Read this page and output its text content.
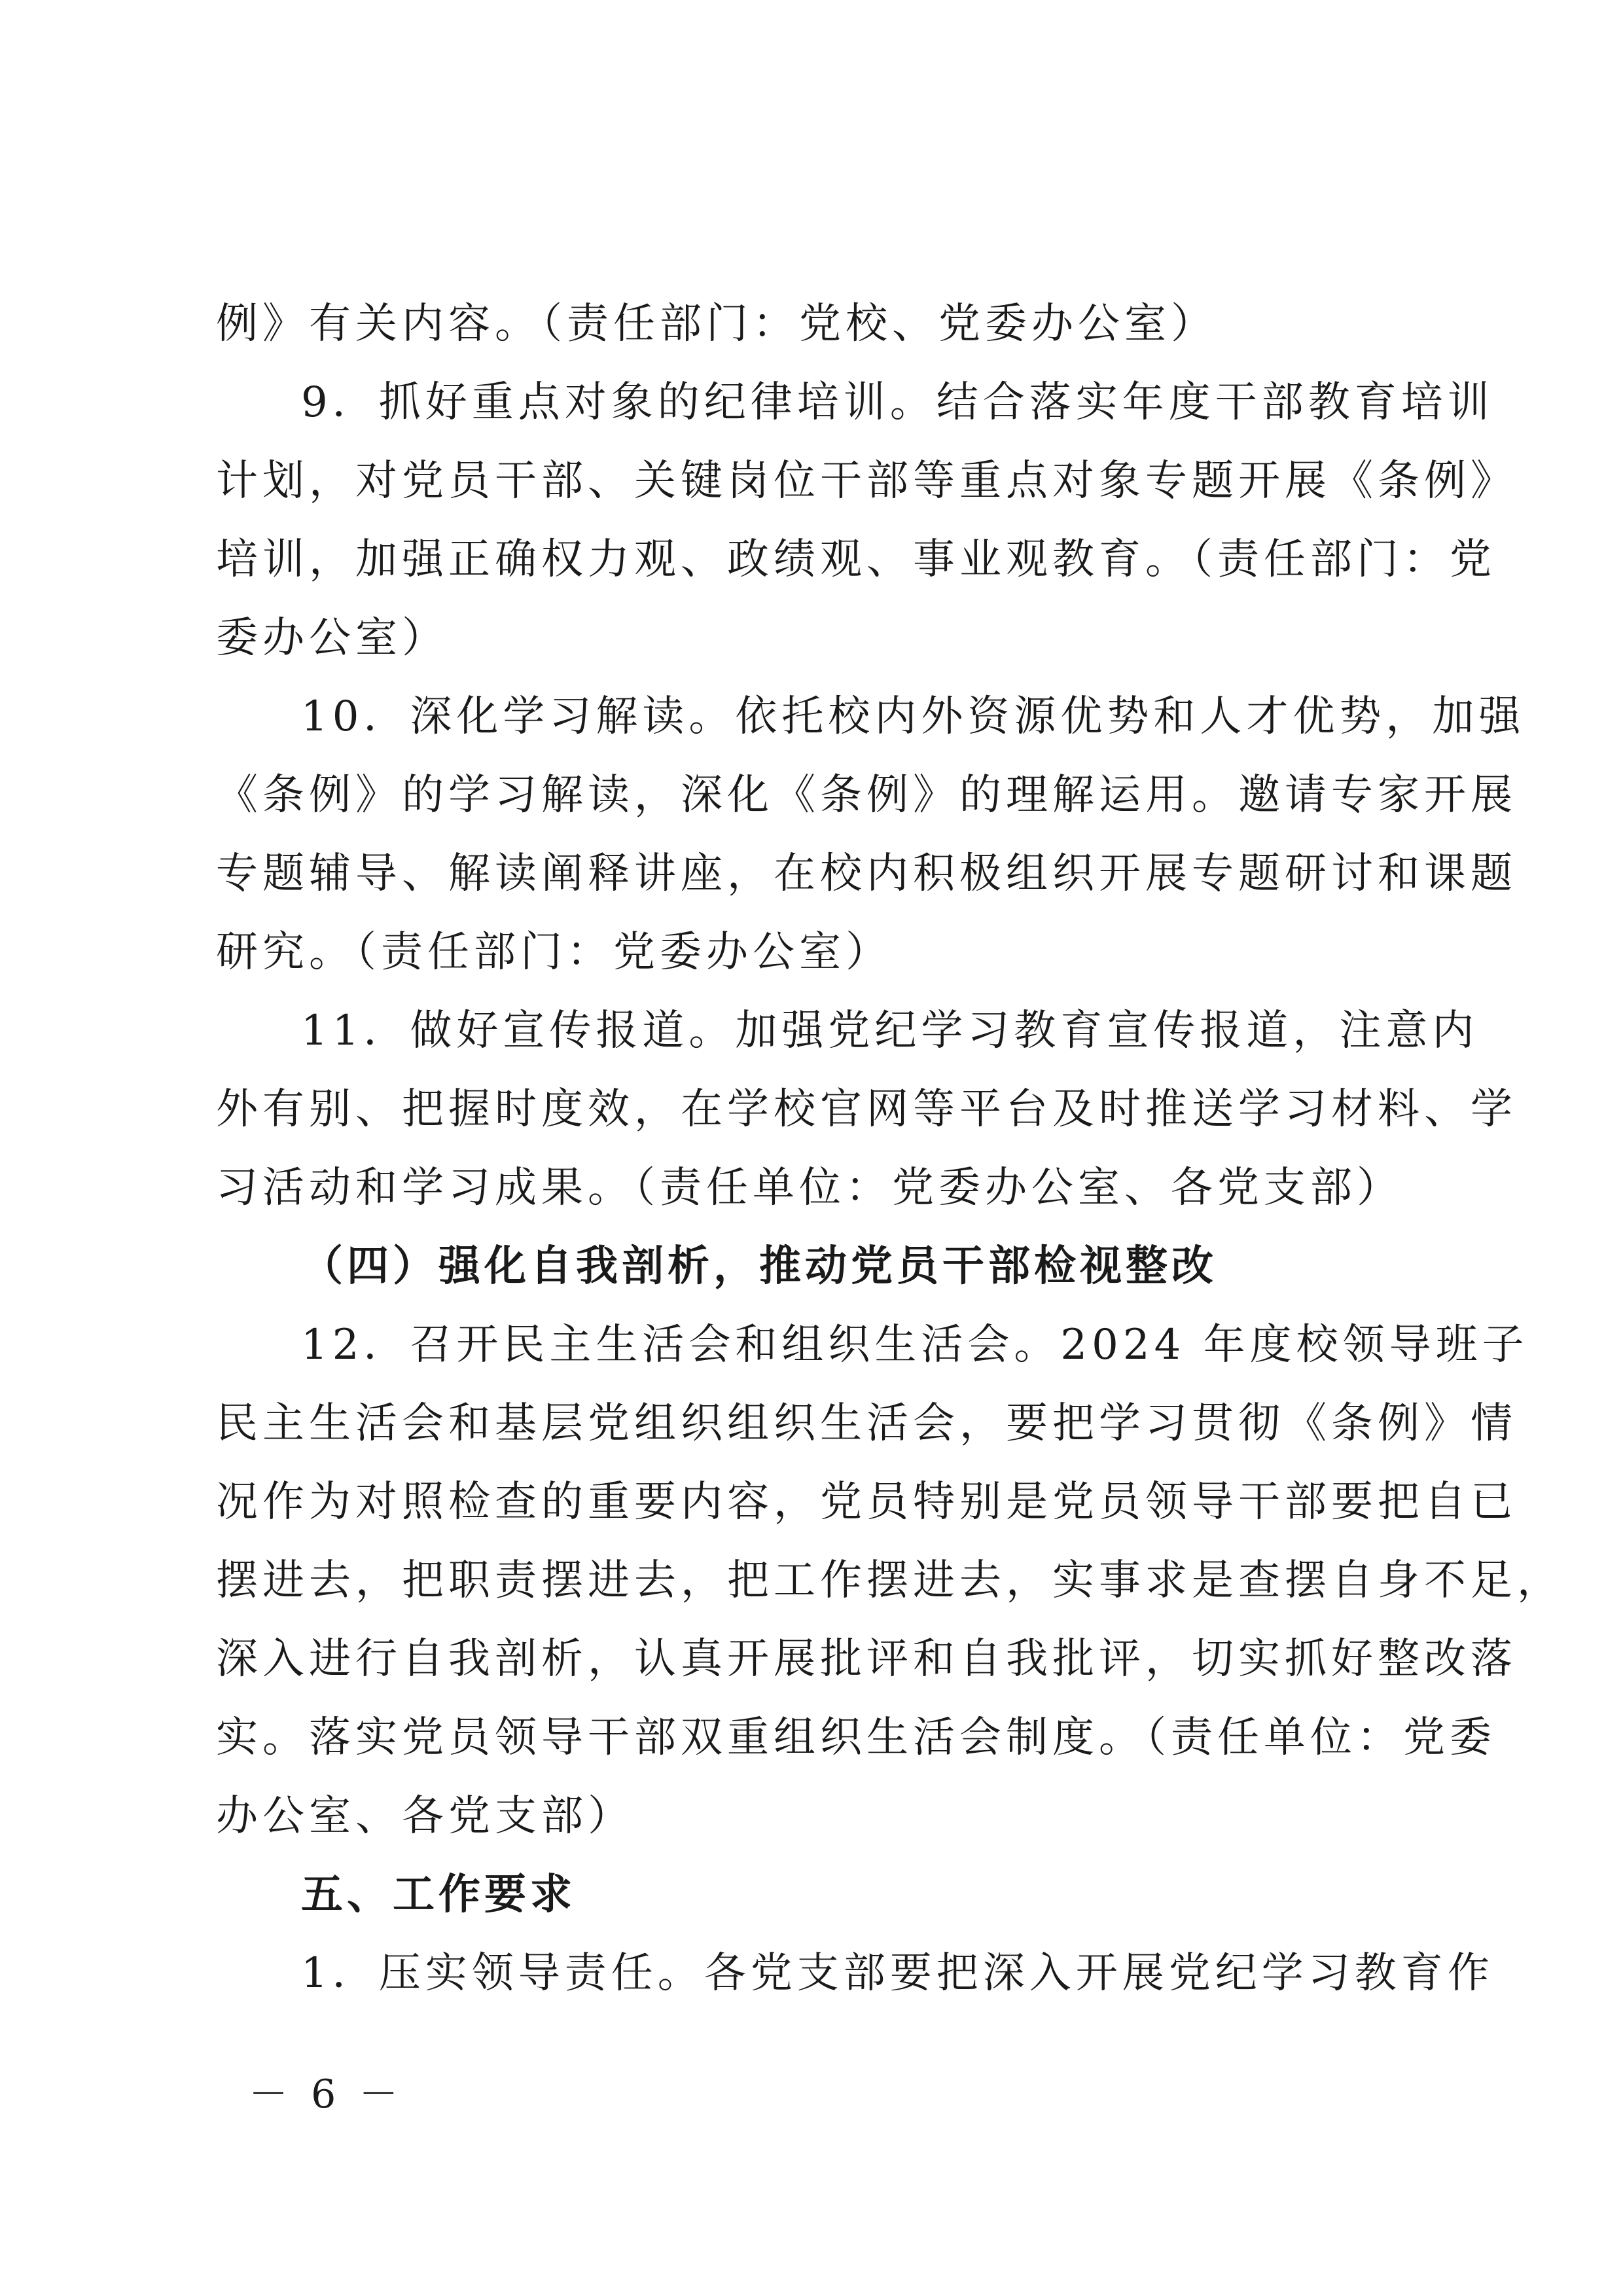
例》有关内容。（责任部门：党校、党委办公室）
9．抓好重点对象的纪律培训。结合落实年度干部教育培训
计划，对党员干部、关键岗位干部等重点对象专题开展《条例》
培训，加强正确权力观、政绩观、事业观教育。（责任部门：党
委办公室）
10．深化学习解读。依托校内外资源优势和人才优势，加强
《条例》的学习解读，深化《条例》的理解运用。邀请专家开展
专题辅导、解读阐释讲座，在校内积极组织开展专题研讨和课题
研究。（责任部门：党委办公室）
11．做好宣传报道。加强党纪学习教育宣传报道，注意内
外有别、把握时度效，在学校官网等平台及时推送学习材料、学
习活动和学习成果。（责任单位：党委办公室、各党支部）
（四）强化自我剖析，推动党员干部检视整改
12．召开民主生活会和组织生活会。2024 年度校领导班子
民主生活会和基层党组织组织生活会，要把学习贯彻《条例》情
况作为对照检查的重要内容，党员特别是党员领导干部要把自已
摆进去，把职责摆进去，把工作摆进去，实事求是查摆自身不足，
深入进行自我剖析，认真开展批评和自我批评，切实抓好整改落
实。落实党员领导干部双重组织生活会制度。（责任单位：党委
办公室、各党支部）
五、工作要求
1．压实领导责任。各党支部要把深入开展党纪学习教育作
－ 6 －
